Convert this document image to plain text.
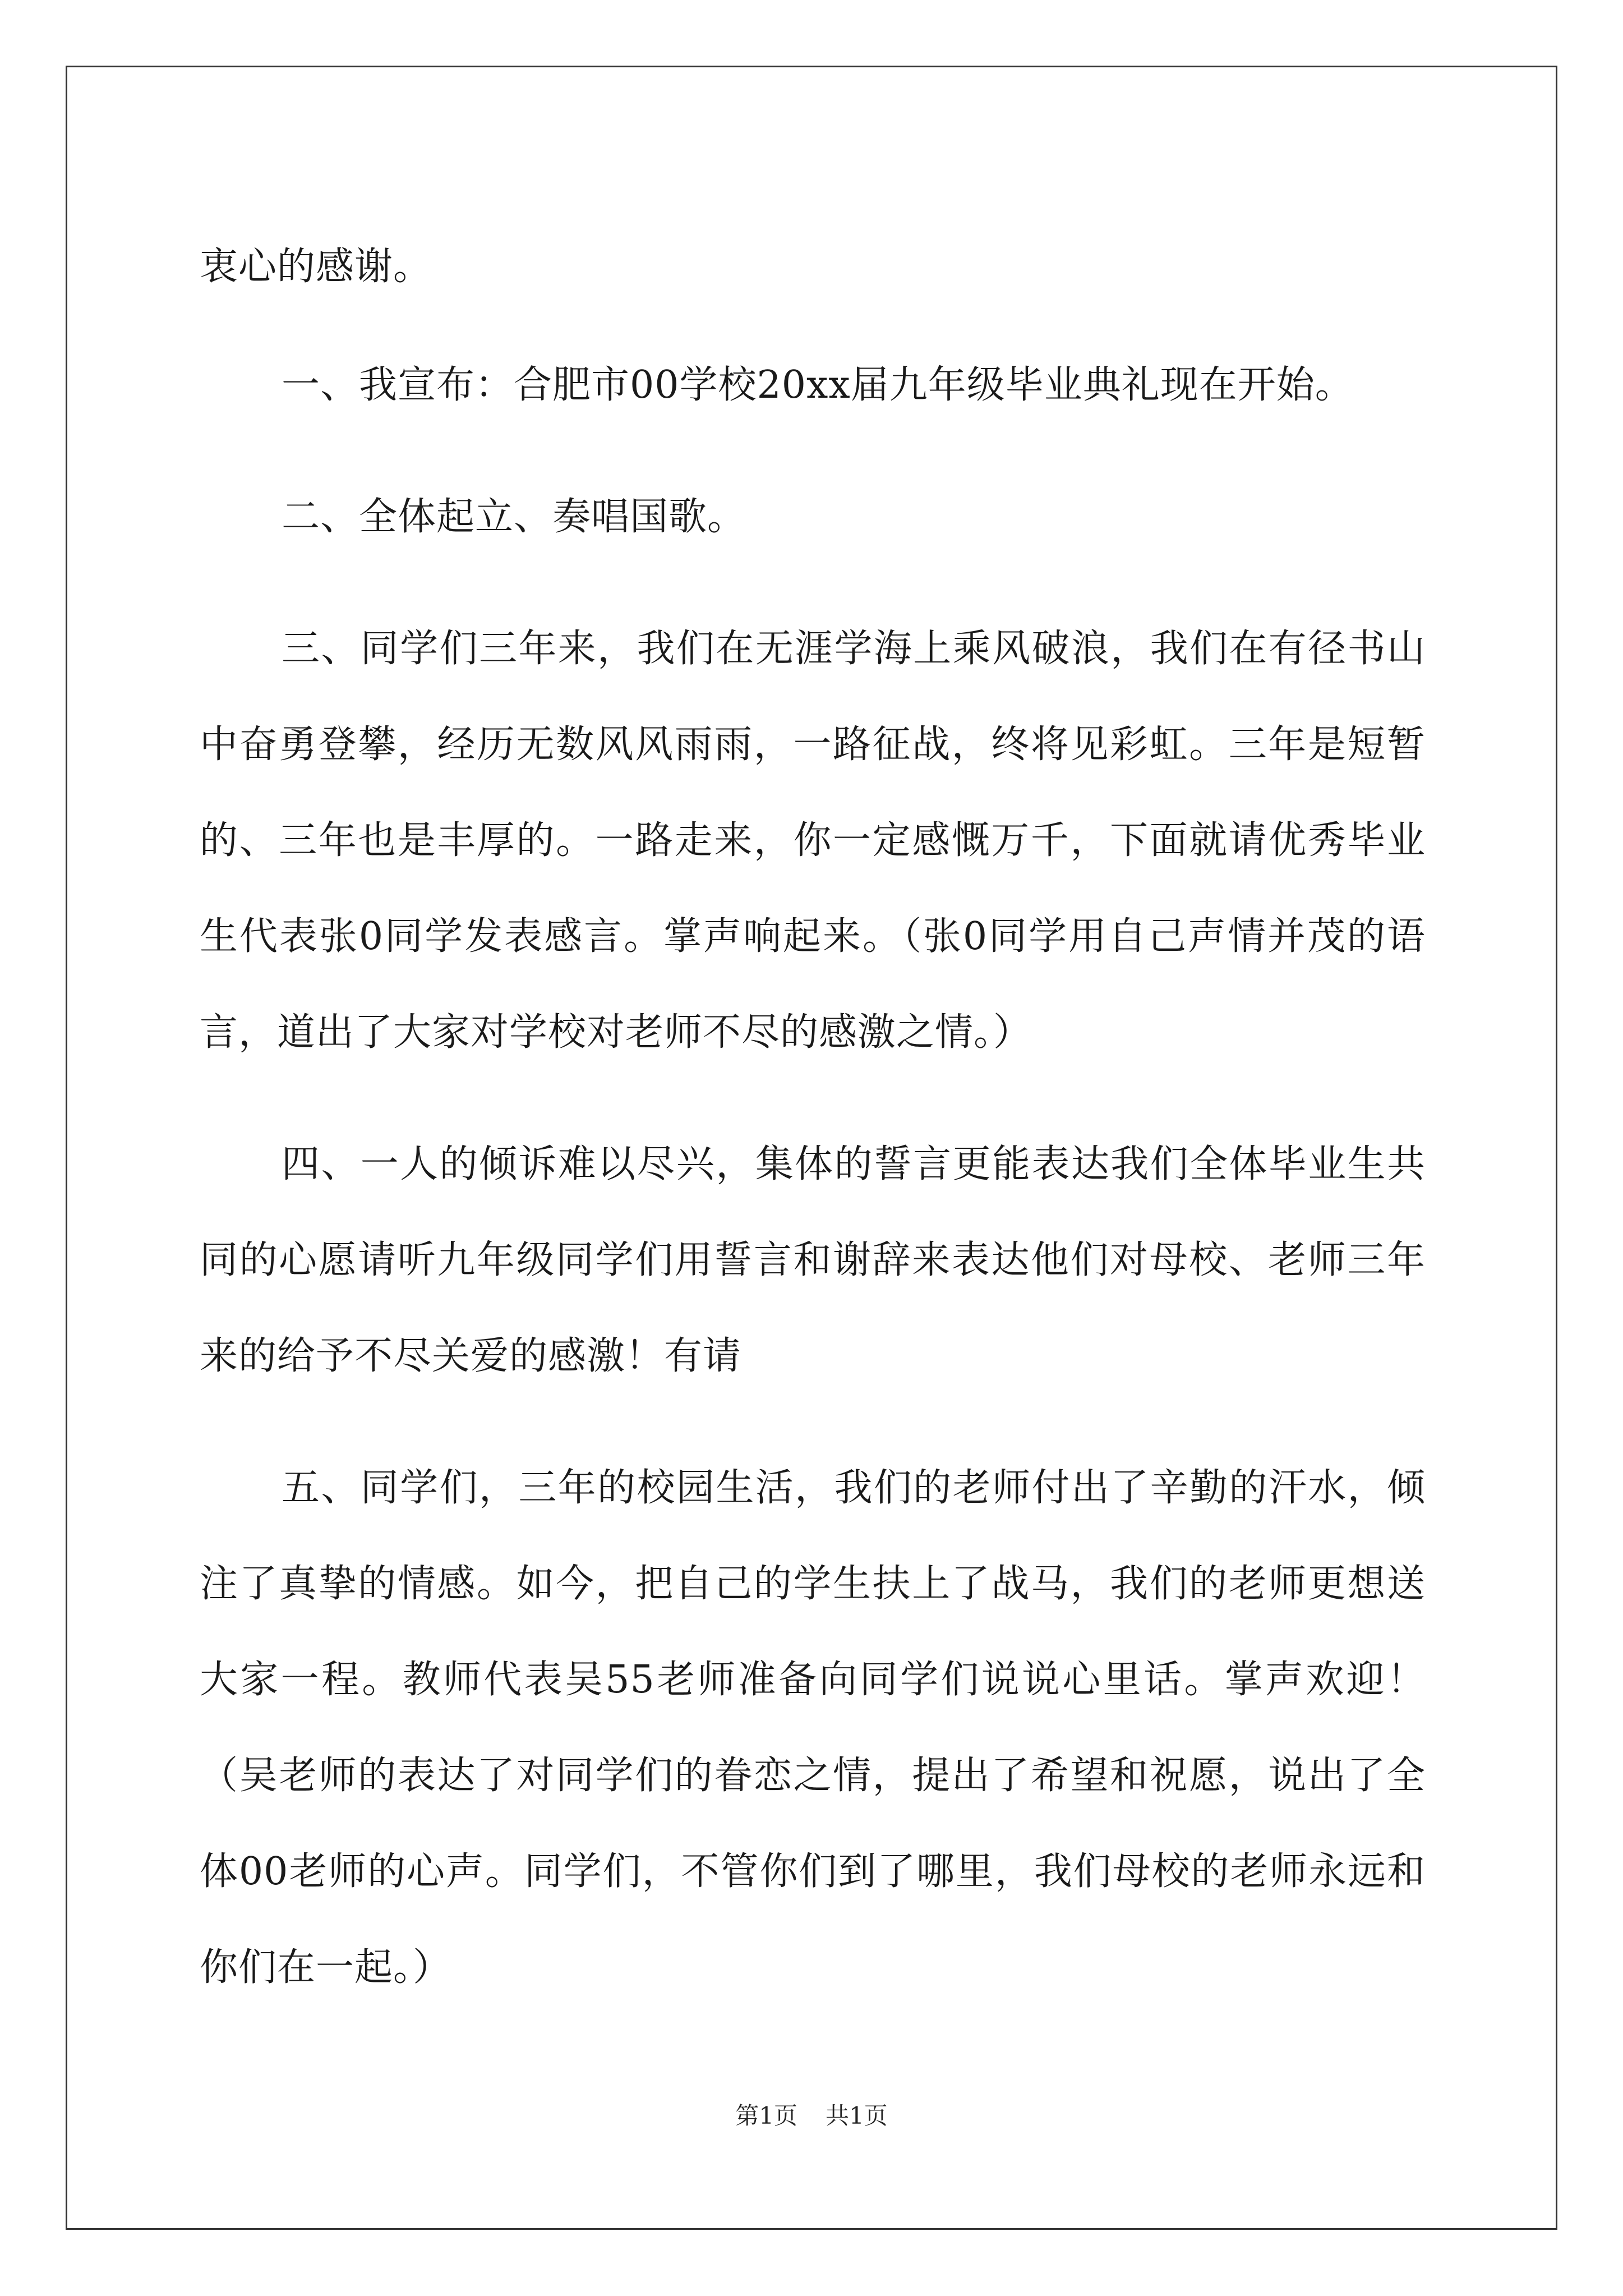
衷心的感谢。

一、我宣布：合肥市00学校20xx届九年级毕业典礼现在开始。

二、全体起立、奏唱国歌。

三、同学们三年来，我们在无涯学海上乘风破浪，我们在有径书山中奋勇登攀，经历无数风风雨雨，一路征战，终将见彩虹。三年是短暂的、三年也是丰厚的。一路走来，你一定感慨万千，下面就请优秀毕业生代表张0同学发表感言。掌声响起来。（张0同学用自己声情并茂的语言，道出了大家对学校对老师不尽的感激之情。）

四、一人的倾诉难以尽兴，集体的誓言更能表达我们全体毕业生共同的心愿请听九年级同学们用誓言和谢辞来表达他们对母校、老师三年来的给予不尽关爱的感激！有请

五、同学们，三年的校园生活，我们的老师付出了辛勤的汗水，倾注了真挚的情感。如今，把自己的学生扶上了战马，我们的老师更想送大家一程。教师代表吴55老师准备向同学们说说心里话。掌声欢迎！（吴老师的表达了对同学们的眷恋之情，提出了希望和祝愿，说出了全体00老师的心声。同学们，不管你们到了哪里，我们母校的老师永远和你们在一起。）

第1页 共1页
